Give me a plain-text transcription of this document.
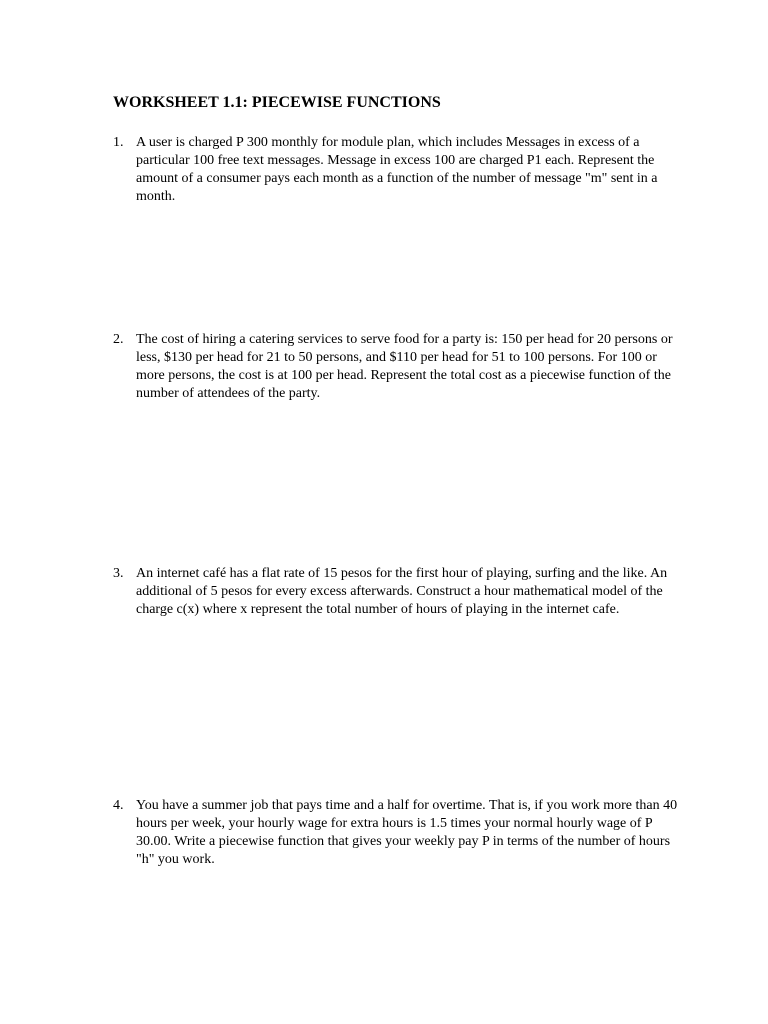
WORKSHEET 1.1: PIECEWISE FUNCTIONS
1. A user is charged P 300 monthly for module plan, which includes Messages in excess of a particular 100 free text messages. Message in excess 100 are charged P1 each. Represent the amount of a consumer pays each month as a function of the number of message "m" sent in a month.
2. The cost of hiring a catering services to serve food for a party is: 150 per head for 20 persons or less, $130 per head for 21 to 50 persons, and $110 per head for 51 to 100 persons. For 100 or more persons, the cost is at 100 per head. Represent the total cost as a piecewise function of the number of attendees of the party.
3. An internet café has a flat rate of 15 pesos for the first hour of playing, surfing and the like. An additional of 5 pesos for every excess afterwards. Construct a hour mathematical model of the charge c(x) where x represent the total number of hours of playing in the internet cafe.
4. You have a summer job that pays time and a half for overtime. That is, if you work more than 40 hours per week, your hourly wage for extra hours is 1.5 times your normal hourly wage of P 30.00. Write a piecewise function that gives your weekly pay P in terms of the number of hours "h" you work.
